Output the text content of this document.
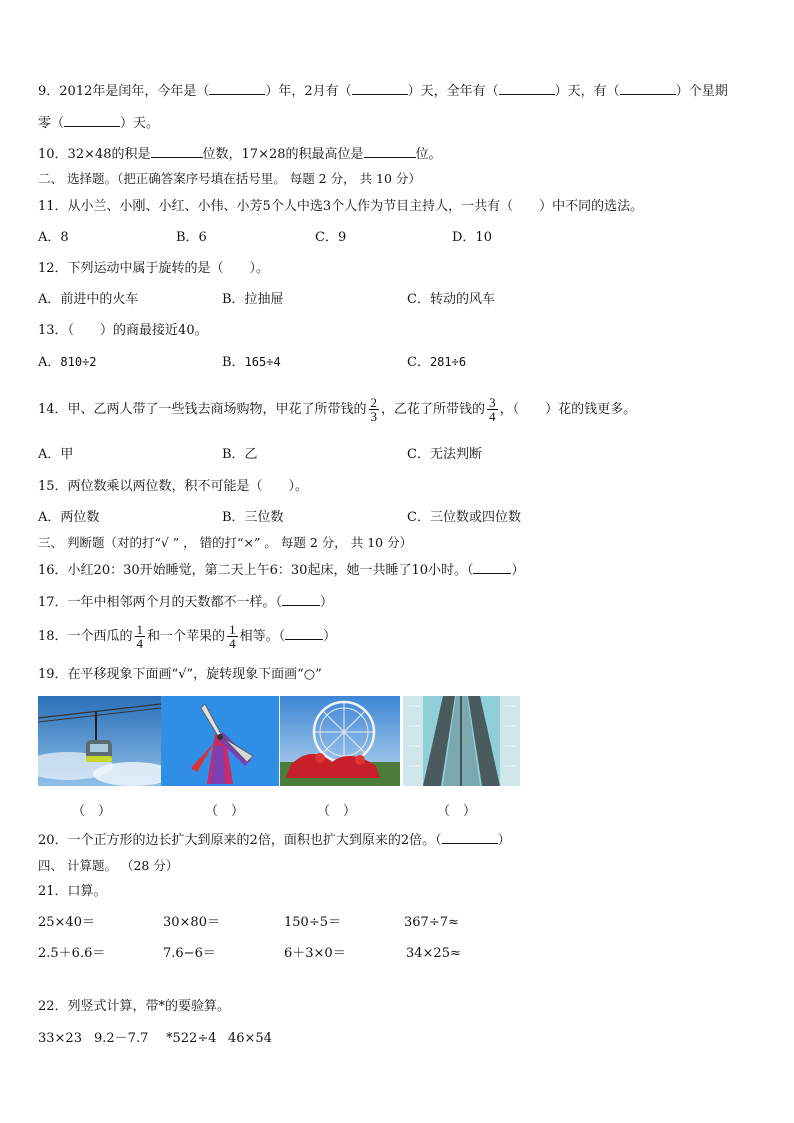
9．2012年是闰年，今年是（	）年，2月有（	）天，全年有（	）天，有（	）个星期
零（	）天。
10．32×48的积是	位数，17×28的积最高位是	位。
二、 选择题。（把正确答案序号填在括号里。 每题 2 分， 共 10 分）
11．从小兰、小刚、小红、小伟、小芳5个人中选3个人作为节目主持人，一共有（　　）中不同的选法。
A．8	B．6	C．9	D．10
12．下列运动中属于旋转的是（　　）。
A．前进中的火车	B．拉抽屉	C．转动的风车
13．（　　）的商最接近40。
A．810÷2	B．165÷4	C．281÷6
14．甲、乙两人带了一些钱去商场购物，甲花了所带钱的 $\frac{2}{3}$ ，乙花了所带钱的 $\frac{3}{4}$ ，（　　）花的钱更多。
A．甲	B．乙	C．无法判断
15．两位数乘以两位数，积不可能是（　　）。
A．两位数	B．三位数	C．三位数或四位数
三、 判断题（对的打“√ ” ， 错的打“×” 。 每题 2 分， 共 10 分）
16．小红20：30开始睡觉，第二天上午6：30起床，她一共睡了10小时。（	）
17．一年中相邻两个月的天数都不一样。（	）
18．一个西瓜的 $\frac{1}{4}$ 和一个苹果的 $\frac{1}{4}$ 相等。（	）
19．在平移现象下面画“√”，旋转现象下面画“○”
（　）	（　）	（　）	（　）
20．一个正方形的边长扩大到原来的2倍，面积也扩大到原来的2倍。（	）
四、 计算题。 （28 分）
21．口算。
25×40＝	30×80＝	150÷5＝	367÷7≈
2.5＋6.6＝	7.6−6＝	6＋3×0＝	34×25≈
22．列竖式计算，带*的要验算。
33×23 9.2－7.7 *522÷4 46×54
